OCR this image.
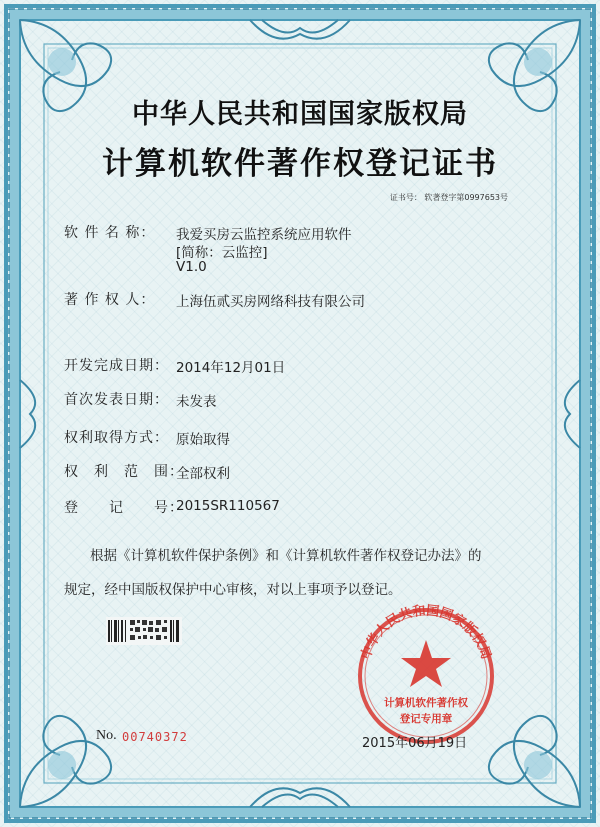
中华人民共和国国家版权局
计算机软件著作权登记证书
证书号： 软著登字第0997653号
软 件 名 称： 我爱买房云监控系统应用软件
[简称：云监控]
V1.0
著 作 权 人： 上海伍贰买房网络科技有限公司
开发完成日期： 2014年12月01日
首次发表日期： 未发表
权利取得方式： 原始取得
权　利　范　围：
全部权利
登　　记　　号：
2015SR110567
根据《计算机软件保护条例》和《计算机软件著作权登记办法》的
规定，经中国版权保护中心审核，对以上事项予以登记。
中华人民共和国国家版权局
计算机软件著作权
登记专用章
No. 00740372	2015年06月19日
